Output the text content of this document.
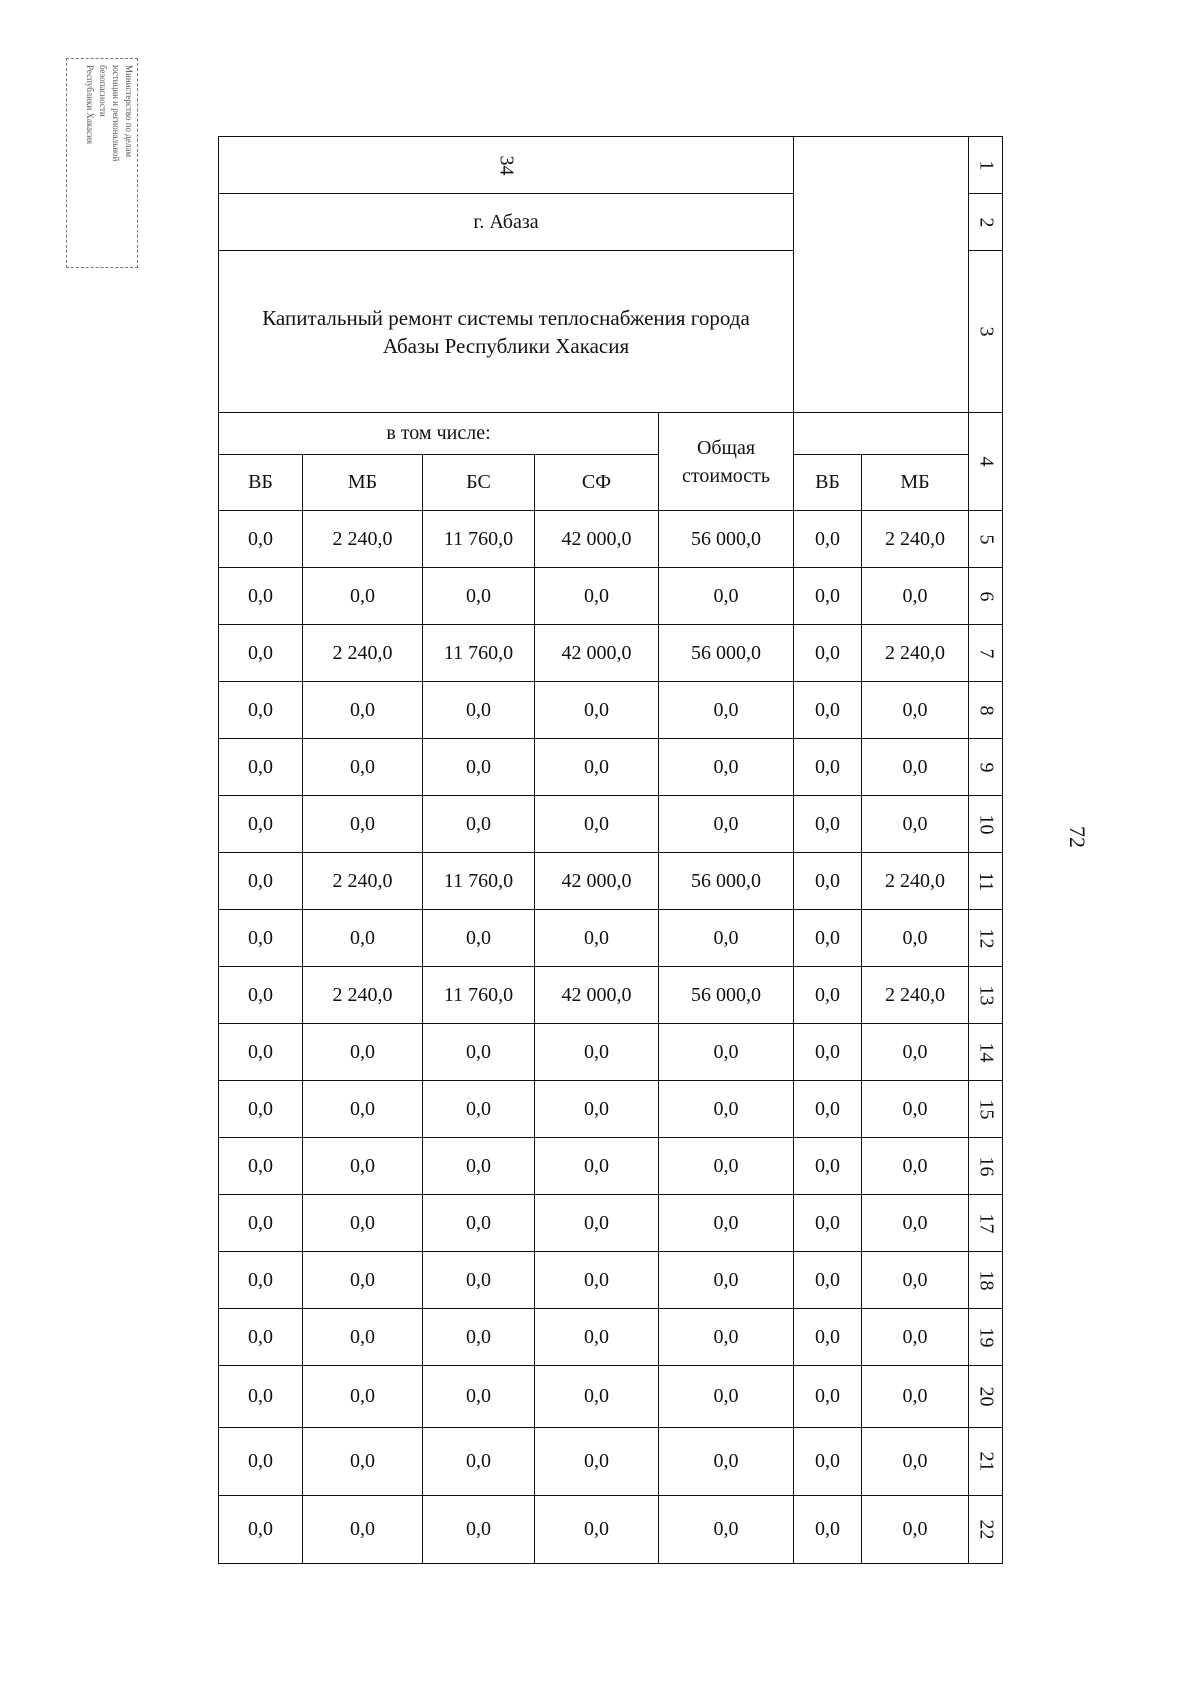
Министерство по делам
юстиции и региональной
безопасности
Республики Хакасия
72
34							1
г. Абаза							2

Капитальный ремонт системы теплоснабжения города Абазы Республики Хакасия							3
в том числе:				Общая стоимость			4
ВБ	МБ	БС	СФ		ВБ	МБ	
0,0	2 240,0	11 760,0	42 000,0	56 000,0	0,0	2 240,0	5
0,0	0,0	0,0	0,0	0,0	0,0	0,0	6
0,0	2 240,0	11 760,0	42 000,0	56 000,0	0,0	2 240,0	7
0,0	0,0	0,0	0,0	0,0	0,0	0,0	8
0,0	0,0	0,0	0,0	0,0	0,0	0,0	9
0,0	0,0	0,0	0,0	0,0	0,0	0,0	10
0,0	2 240,0	11 760,0	42 000,0	56 000,0	0,0	2 240,0	11
0,0	0,0	0,0	0,0	0,0	0,0	0,0	12
0,0	2 240,0	11 760,0	42 000,0	56 000,0	0,0	2 240,0	13
0,0	0,0	0,0	0,0	0,0	0,0	0,0	14
0,0	0,0	0,0	0,0	0,0	0,0	0,0	15
0,0	0,0	0,0	0,0	0,0	0,0	0,0	16
0,0	0,0	0,0	0,0	0,0	0,0	0,0	17
0,0	0,0	0,0	0,0	0,0	0,0	0,0	18
0,0	0,0	0,0	0,0	0,0	0,0	0,0	19
0,0	0,0	0,0	0,0	0,0	0,0	0,0	20
0,0	0,0	0,0	0,0	0,0	0,0	0,0	21
0,0	0,0	0,0	0,0	0,0	0,0	0,0	22
